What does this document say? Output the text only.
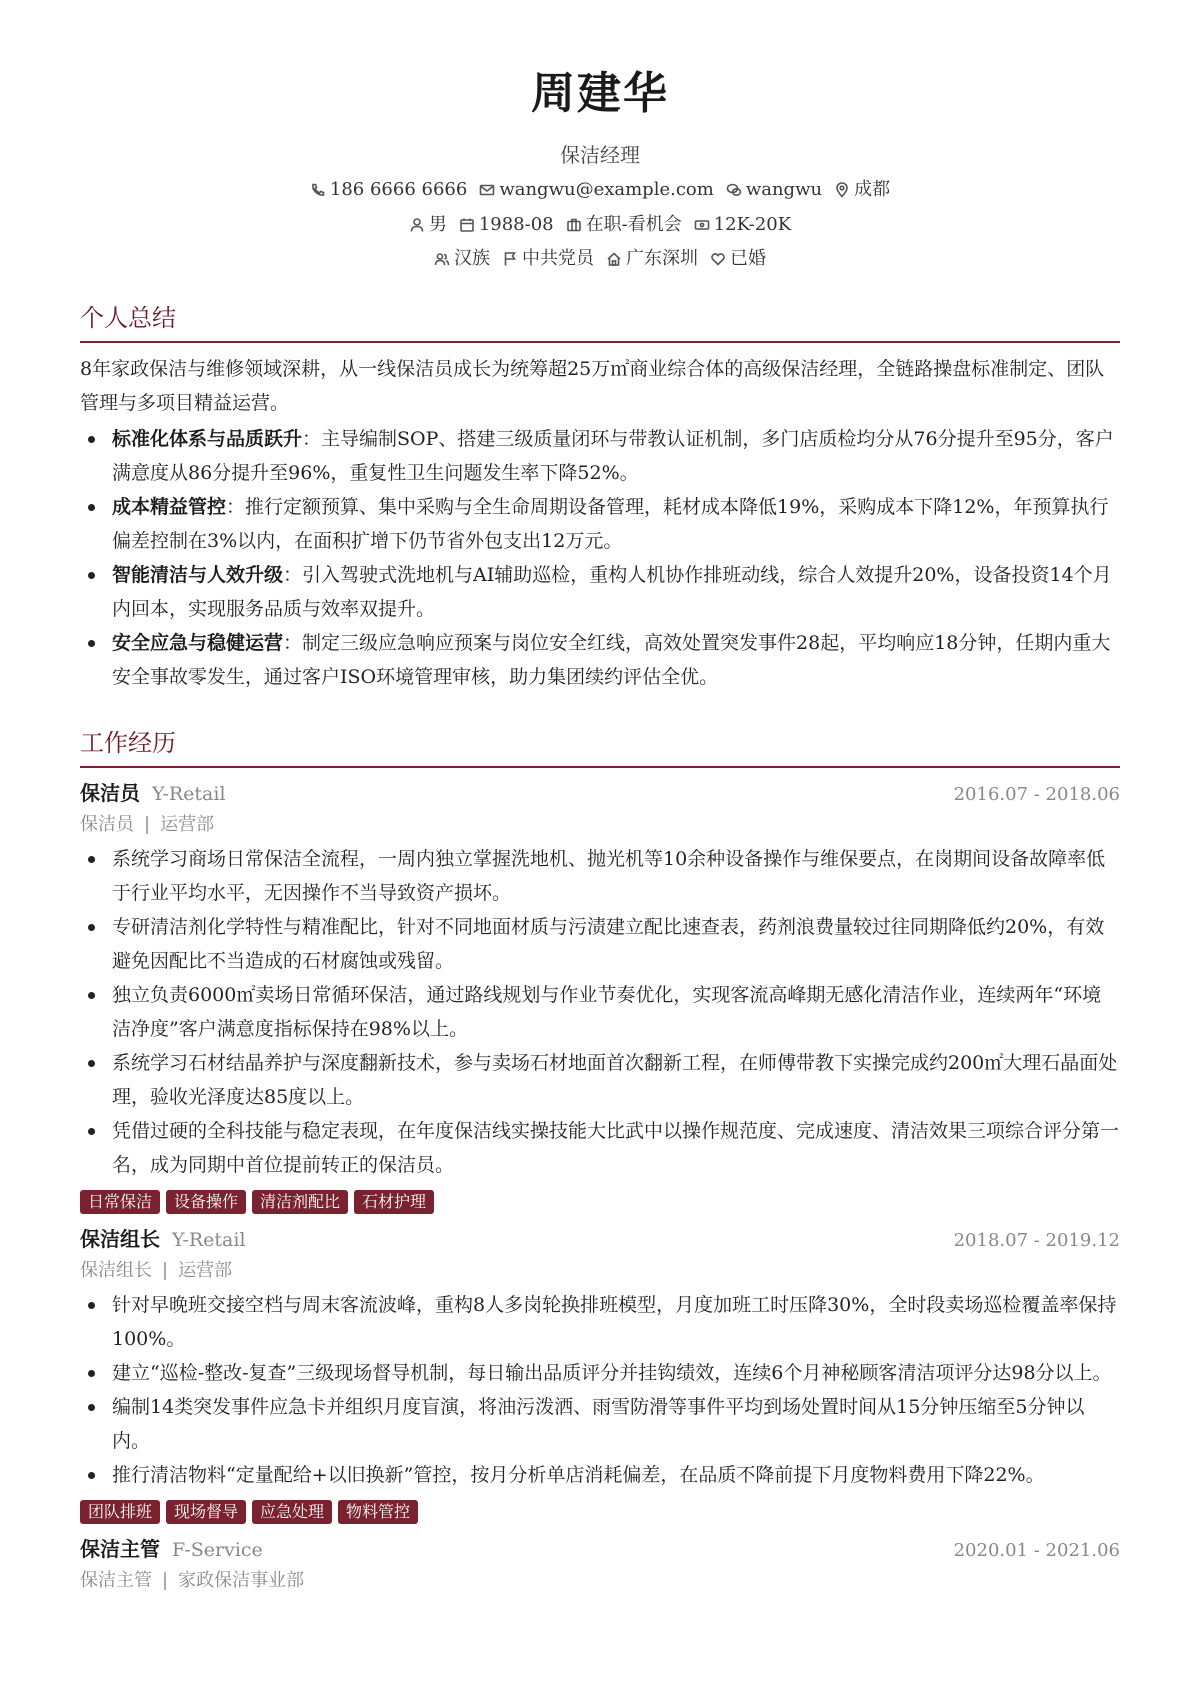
周建华
保洁经理
186 6666 6666 wangwu@example.com wangwu 成都
男 1988-08 在职-看机会 12K-20K
汉族 中共党员 广东深圳 已婚
个人总结
8年家政保洁与维修领域深耕，从一线保洁员成长为统筹超25万㎡商业综合体的高级保洁经理，全链路操盘标准制定、团队管理与多项目精益运营。
标准化体系与品质跃升：主导编制SOP、搭建三级质量闭环与带教认证机制，多门店质检均分从76分提升至95分，客户满意度从86分提升至96%，重复性卫生问题发生率下降52%。
成本精益管控：推行定额预算、集中采购与全生命周期设备管理，耗材成本降低19%，采购成本下降12%，年预算执行偏差控制在3%以内，在面积扩增下仍节省外包支出12万元。
智能清洁与人效升级：引入驾驶式洗地机与AI辅助巡检，重构人机协作排班动线，综合人效提升20%，设备投资14个月内回本，实现服务品质与效率双提升。
安全应急与稳健运营：制定三级应急响应预案与岗位安全红线，高效处置突发事件28起，平均响应18分钟，任期内重大安全事故零发生，通过客户ISO环境管理审核，助力集团续约评估全优。
工作经历
保洁员 Y-Retail	2016.07 - 2018.06
保洁员 | 运营部
系统学习商场日常保洁全流程，一周内独立掌握洗地机、抛光机等10余种设备操作与维保要点，在岗期间设备故障率低于行业平均水平，无因操作不当导致资产损坏。
专研清洁剂化学特性与精准配比，针对不同地面材质与污渍建立配比速查表，药剂浪费量较过往同期降低约20%，有效避免因配比不当造成的石材腐蚀或残留。
独立负责6000㎡卖场日常循环保洁，通过路线规划与作业节奏优化，实现客流高峰期无感化清洁作业，连续两年“环境洁净度”客户满意度指标保持在98%以上。
系统学习石材结晶养护与深度翻新技术，参与卖场石材地面首次翻新工程，在师傅带教下实操完成约200㎡大理石晶面处理，验收光泽度达85度以上。
凭借过硬的全科技能与稳定表现，在年度保洁线实操技能大比武中以操作规范度、完成速度、清洁效果三项综合评分第一名，成为同期中首位提前转正的保洁员。
日常保洁	设备操作	清洁剂配比	石材护理
保洁组长 Y-Retail	2018.07 - 2019.12
保洁组长 | 运营部
针对早晚班交接空档与周末客流波峰，重构8人多岗轮换排班模型，月度加班工时压降30%，全时段卖场巡检覆盖率保持100%。
建立“巡检-整改-复查”三级现场督导机制，每日输出品质评分并挂钩绩效，连续6个月神秘顾客清洁项评分达98分以上。
编制14类突发事件应急卡并组织月度盲演，将油污泼洒、雨雪防滑等事件平均到场处置时间从15分钟压缩至5分钟以内。
推行清洁物料“定量配给+以旧换新”管控，按月分析单店消耗偏差，在品质不降前提下月度物料费用下降22%。
团队排班	现场督导	应急处理	物料管控
保洁主管 F-Service	2020.01 - 2021.06
保洁主管 | 家政保洁事业部
